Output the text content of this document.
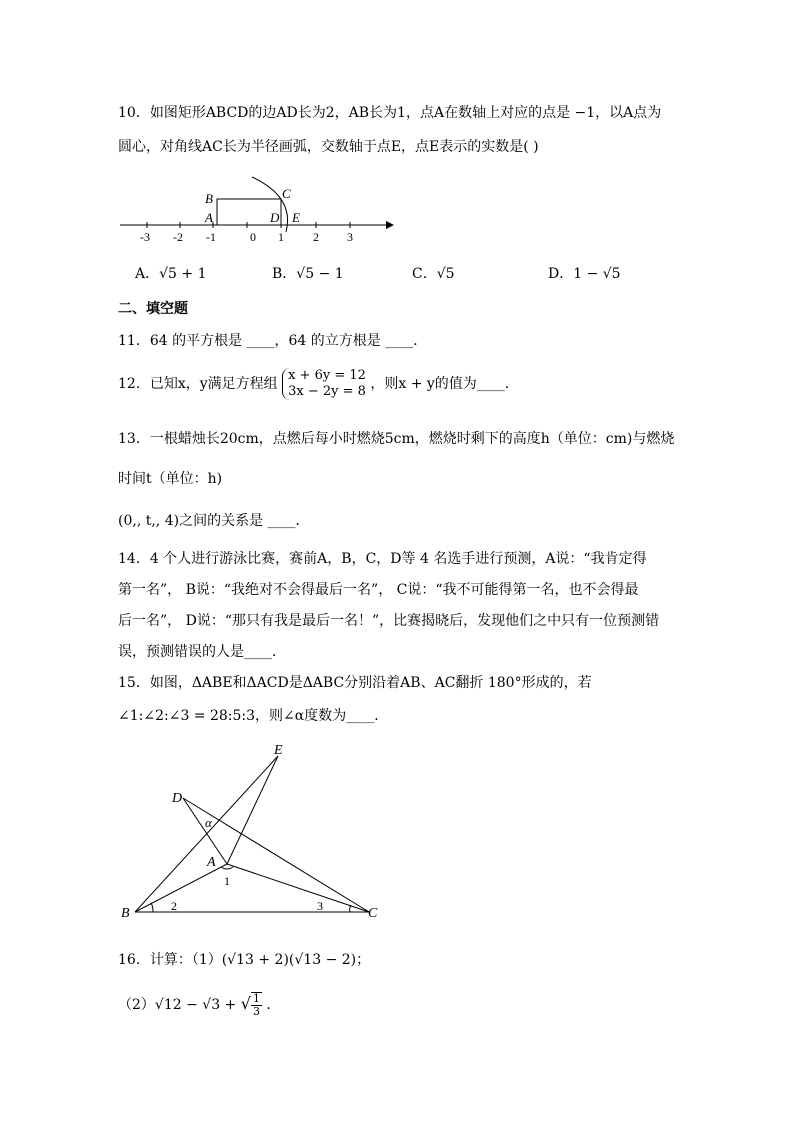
10．如图矩形ABCD的边AD长为2，AB长为1，点A在数轴上对应的点是 −1，以A点为
圆心，对角线AC长为半径画弧，交数轴于点E，点E表示的实数是( )
B	C
A	D E
-3 -2 -1	0 1 2 3
A．√5 + 1	B．√5 − 1	C．√5	D．1 − √5
二、填空题
11．64 的平方根是 ____，64 的立方根是 ____．
12．已知x，y满足方程组
x + 6y = 12
3x − 2y = 8 ，则x + y的值为____．
13．一根蜡烛长20cm，点燃后每小时燃烧5cm，燃烧时剩下的高度h（单位：cm)与燃烧
时间t（单位：h)
(0,, t,, 4)之间的关系是 ____．
14．4 个人进行游泳比赛，赛前A，B，C，D等 4 名选手进行预测，A说：“我肯定得
第一名”， B说：“我绝对不会得最后一名”， C说：“我不可能得第一名，也不会得最
后一名”， D说：“那只有我是最后一名！”，比赛揭晓后，发现他们之中只有一位预测错
误，预测错误的人是____．
15．如图，ΔABE和ΔACD是ΔABC分别沿着AB、AC翻折 180°形成的，若
∠1:∠2:∠3 = 28:5:3，则∠α度数为____．
E
D
α
A
1
B	2	3	C
16．计算：（1）(√13 + 2)(√13 − 2)；
（2）√12 − √3 + √ $\frac{1}{3}$ ．
